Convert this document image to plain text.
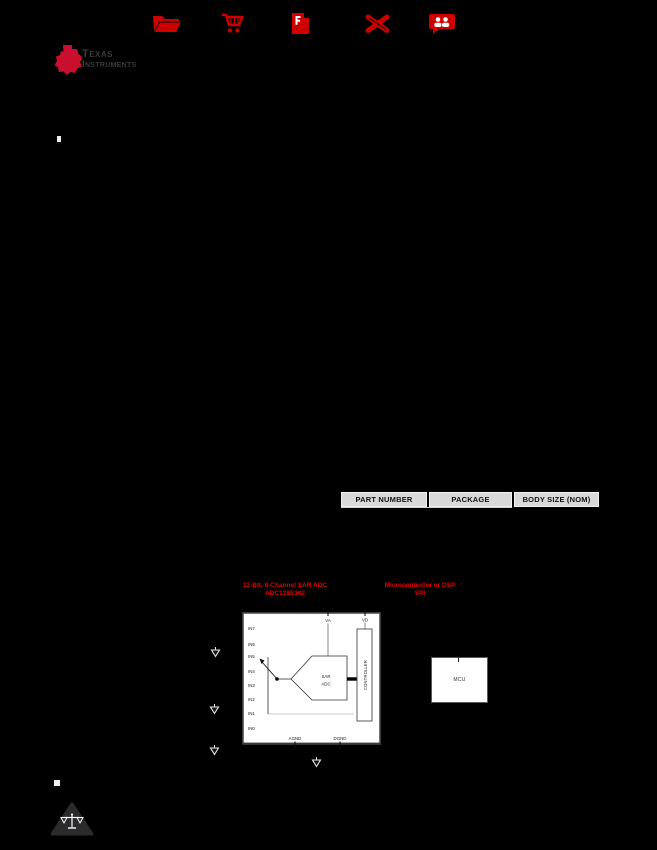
Texas
Instruments
PART NUMBER	PACKAGE	BODY SIZE (NOM)
12-Bit, 8-Channel SAR ADC
ADC128S102
Microcontroller or DSP
SPI
VA	VD
IN7
IN6
IN5
IN4
IN3
IN2
IN1
IN0
SAR
ADC	CONTROLLER
AGND	DGND
MCU
